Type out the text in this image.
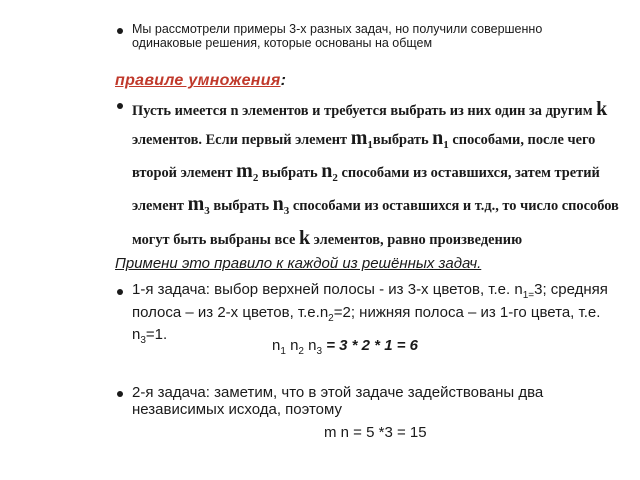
Мы рассмотрели примеры 3-х разных задач, но получили совершенно одинаковые решения, которые основаны на общем
правиле умножения:
Пусть имеется n элементов и требуется выбрать из них один за другим k элементов. Если первый элемент $m_1выбрать$ $n_1$ способами, после чего второй элемент $m_2$ выбрать $n_2$ способами из оставшихся, затем третий элемент $m_3$ выбрать $n_3$ способами из оставшихся и т.д., то число способов могут быть выбраны все k элементов, равно произведению
Примени это правило к каждой из решённых задач.
1-я задача: выбор верхней полосы - из 3-х цветов, т.е. $n_{1=}3$; средняя полоса – из 2-х цветов, $т.е.n_2=2$; нижняя полоса – из 1-го цвета, т.е. $n_3=1$.
$n_1$ $n_2$ $n_3 = 3 * 2 * 1 = 6$
2-я задача: заметим, что в этой задаче задействованы два независимых исхода, поэтому
m n = 5 *3 = 15
